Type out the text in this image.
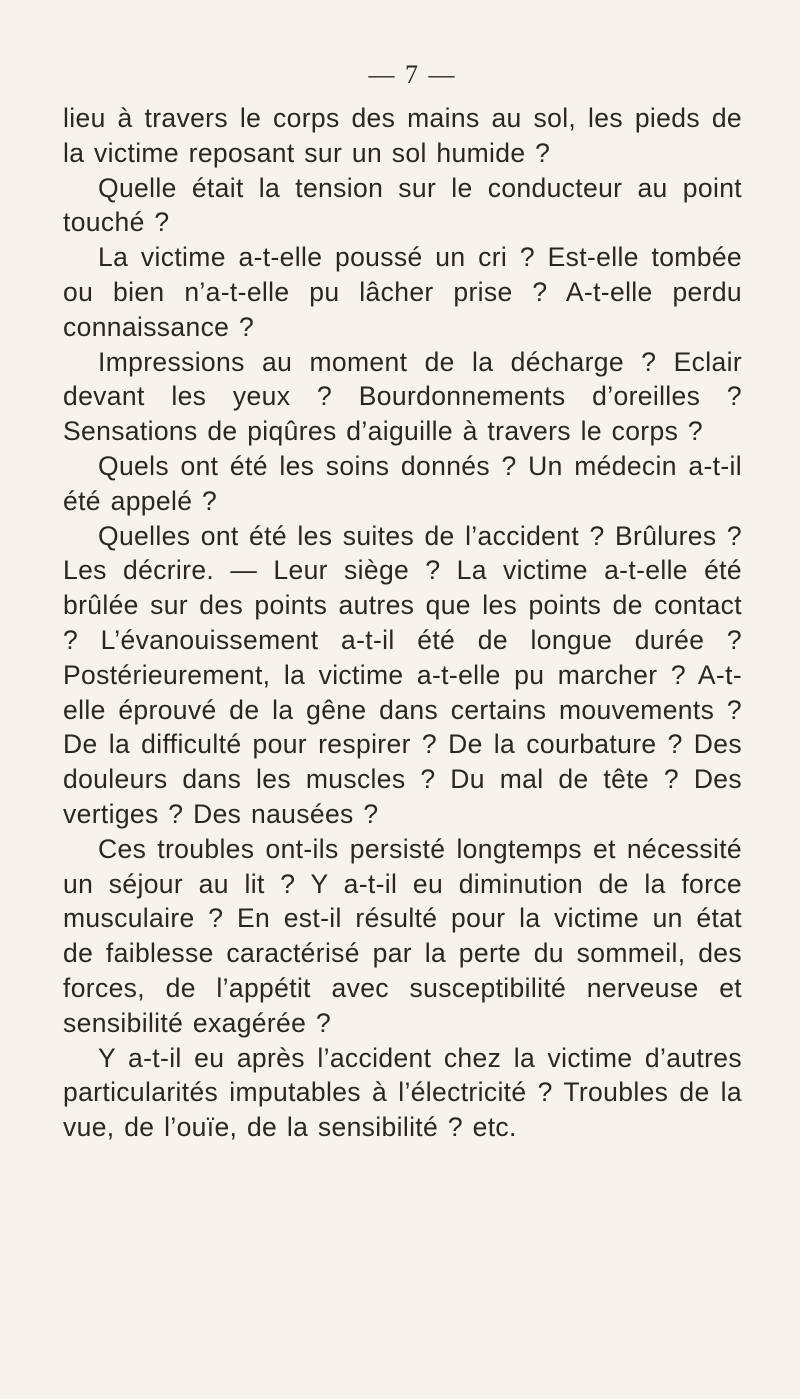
— 7 —

lieu à travers le corps des mains au sol, les pieds de la victime reposant sur un sol humide ?

Quelle était la tension sur le conducteur au point touché ?

La victime a-t-elle poussé un cri ? Est-elle tombée ou bien n’a-t-elle pu lâcher prise ? A-t-elle perdu connaissance ?

Impressions au moment de la décharge ? Eclair devant les yeux ? Bourdonnements d’oreilles ? Sensations de piqûres d’aiguille à travers le corps ?

Quels ont été les soins donnés ? Un médecin a-t-il été appelé ?

Quelles ont été les suites de l’accident ? Brûlures ? Les décrire. — Leur siège ? La victime a-t-elle été brûlée sur des points autres que les points de contact ? L’évanouissement a-t-il été de longue durée ? Postérieurement, la victime a-t-elle pu marcher ? A-t-elle éprouvé de la gêne dans certains mouvements ? De la difficulté pour respirer ? De la courbature ? Des douleurs dans les muscles ? Du mal de tête ? Des vertiges ? Des nausées ?

Ces troubles ont-ils persisté longtemps et nécessité un séjour au lit ? Y a-t-il eu diminution de la force musculaire ? En est-il résulté pour la victime un état de faiblesse caractérisé par la perte du sommeil, des forces, de l’appétit avec susceptibilité nerveuse et sensibilité exagérée ?

Y a-t-il eu après l’accident chez la victime d’autres particularités imputables à l’électricité ? Troubles de la vue, de l’ouïe, de la sensibilité ? etc.
